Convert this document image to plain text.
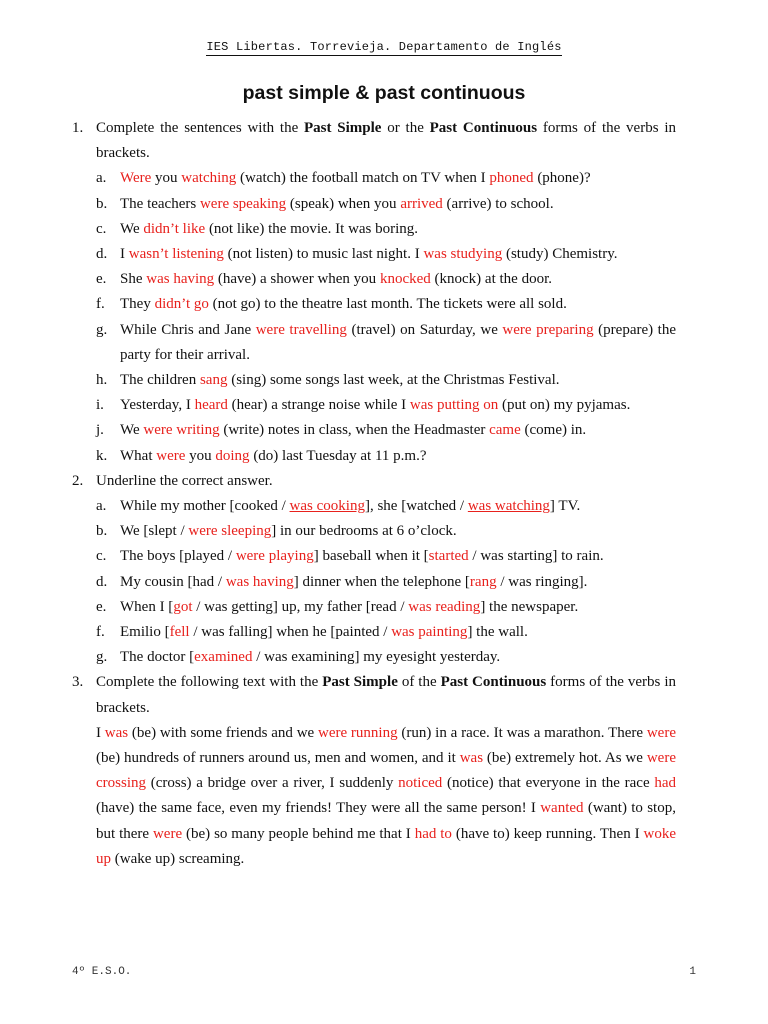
IES Libertas. Torrevieja. Departamento de Inglés
past simple & past continuous
1. Complete the sentences with the Past Simple or the Past Continuous forms of the verbs in brackets.
a. Were you watching (watch) the football match on TV when I phoned (phone)?
b. The teachers were speaking (speak) when you arrived (arrive) to school.
c. We didn’t like (not like) the movie. It was boring.
d. I wasn’t listening (not listen) to music last night. I was studying (study) Chemistry.
e. She was having (have) a shower when you knocked (knock) at the door.
f. They didn’t go (not go) to the theatre last month. The tickets were all sold.
g. While Chris and Jane were travelling (travel) on Saturday, we were preparing (prepare) the party for their arrival.
h. The children sang (sing) some songs last week, at the Christmas Festival.
i. Yesterday, I heard (hear) a strange noise while I was putting on (put on) my pyjamas.
j. We were writing (write) notes in class, when the Headmaster came (come) in.
k. What were you doing (do) last Tuesday at 11 p.m.?
2. Underline the correct answer.
a. While my mother [cooked / was cooking], she [watched / was watching] TV.
b. We [slept / were sleeping] in our bedrooms at 6 o’clock.
c. The boys [played / were playing] baseball when it [started / was starting] to rain.
d. My cousin [had / was having] dinner when the telephone [rang / was ringing].
e. When I [got / was getting] up, my father [read / was reading] the newspaper.
f. Emilio [fell / was falling] when he [painted / was painting] the wall.
g. The doctor [examined / was examining] my eyesight yesterday.
3. Complete the following text with the Past Simple of the Past Continuous forms of the verbs in brackets.
I was (be) with some friends and we were running (run) in a race. It was a marathon. There were (be) hundreds of runners around us, men and women, and it was (be) extremely hot. As we were crossing (cross) a bridge over a river, I suddenly noticed (notice) that everyone in the race had (have) the same face, even my friends! They were all the same person! I wanted (want) to stop, but there were (be) so many people behind me that I had to (have to) keep running. Then I woke up (wake up) screaming.
4º E.S.O.	1
